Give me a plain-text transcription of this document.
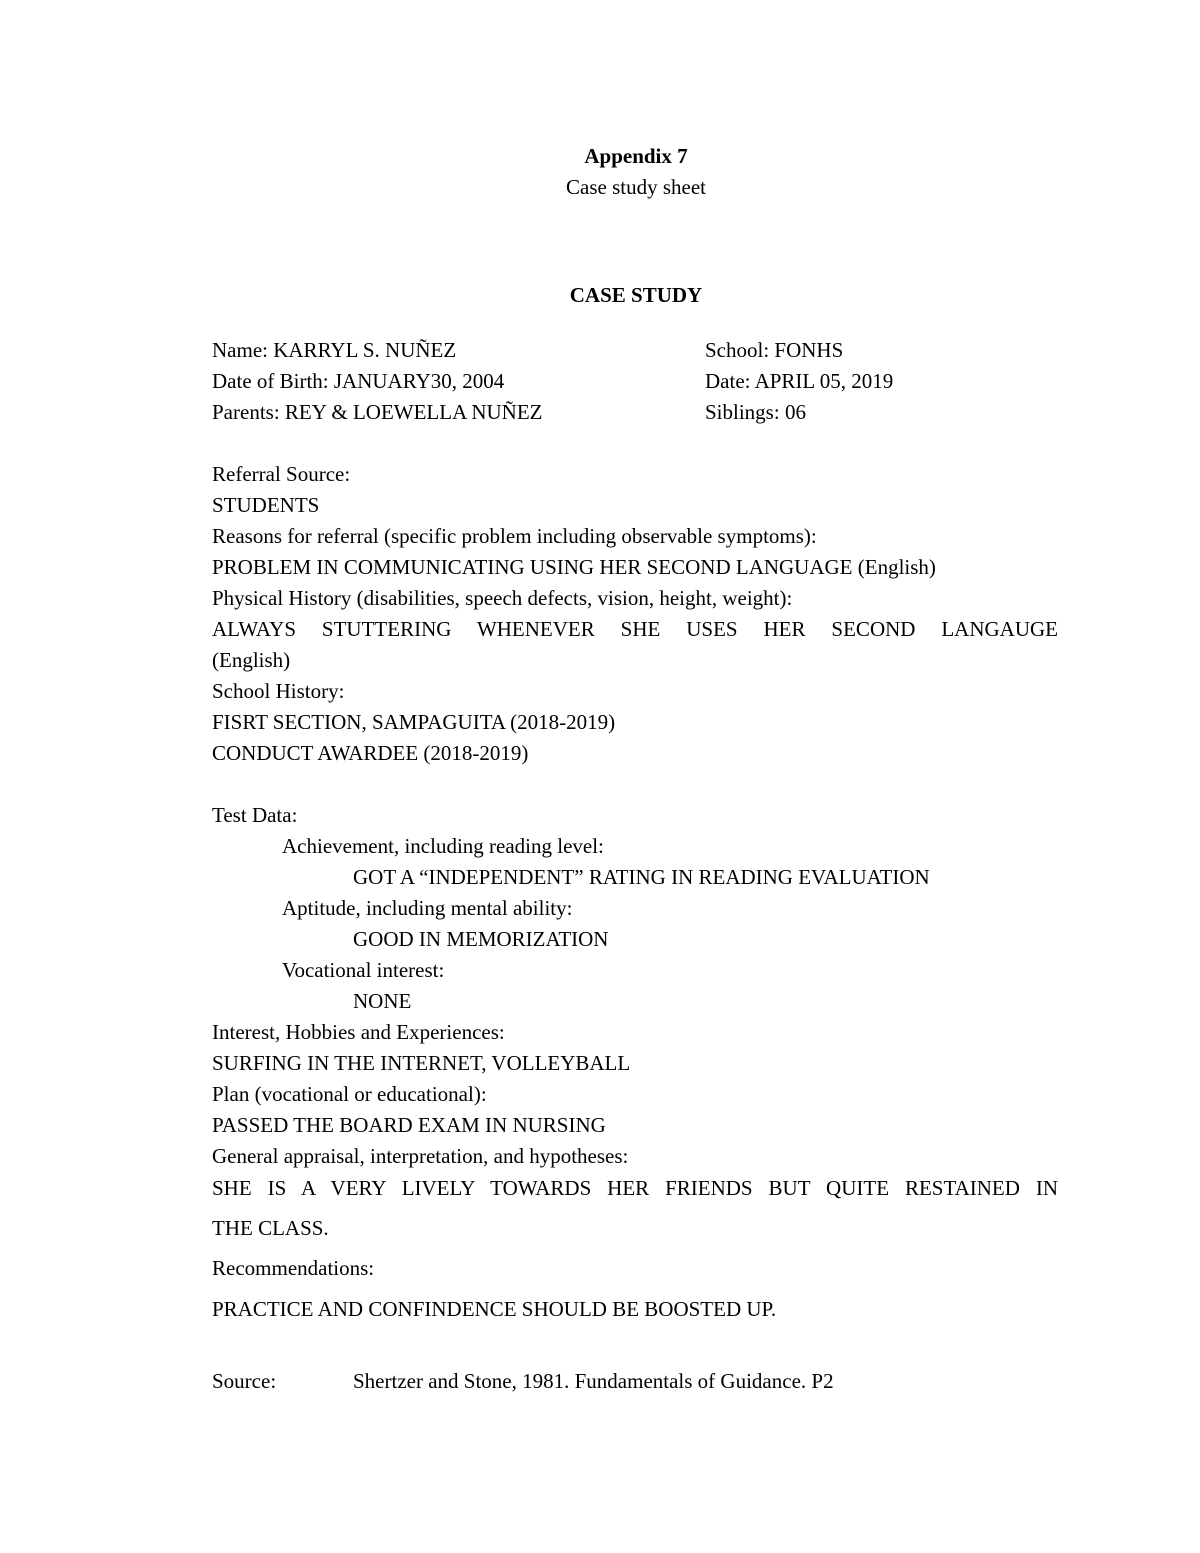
Appendix 7
Case study sheet
CASE STUDY
Name: KARRYL S. NUÑEZ	School: FONHS
Date of Birth: JANUARY30, 2004	Date: APRIL 05, 2019
Parents: REY & LOEWELLA NUÑEZ	Siblings: 06
Referral Source:
STUDENTS
Reasons for referral (specific problem including observable symptoms):
PROBLEM IN COMMUNICATING USING HER SECOND LANGUAGE (English)
Physical History (disabilities, speech defects, vision, height, weight):
ALWAYS STUTTERING WHENEVER SHE USES HER SECOND LANGAUGE
(English)
School History:
FISRT SECTION, SAMPAGUITA (2018-2019)
CONDUCT AWARDEE (2018-2019)
Test Data:
Achievement, including reading level:
GOT A “INDEPENDENT” RATING IN READING EVALUATION
Aptitude, including mental ability:
GOOD IN MEMORIZATION
Vocational interest:
NONE
Interest, Hobbies and Experiences:
SURFING IN THE INTERNET, VOLLEYBALL
Plan (vocational or educational):
PASSED THE BOARD EXAM IN NURSING
General appraisal, interpretation, and hypotheses:
SHE IS A VERY LIVELY TOWARDS HER FRIENDS BUT QUITE RESTAINED IN
THE CLASS.
Recommendations:
PRACTICE AND CONFINDENCE SHOULD BE BOOSTED UP.
Source:	Shertzer and Stone, 1981. Fundamentals of Guidance. P2
